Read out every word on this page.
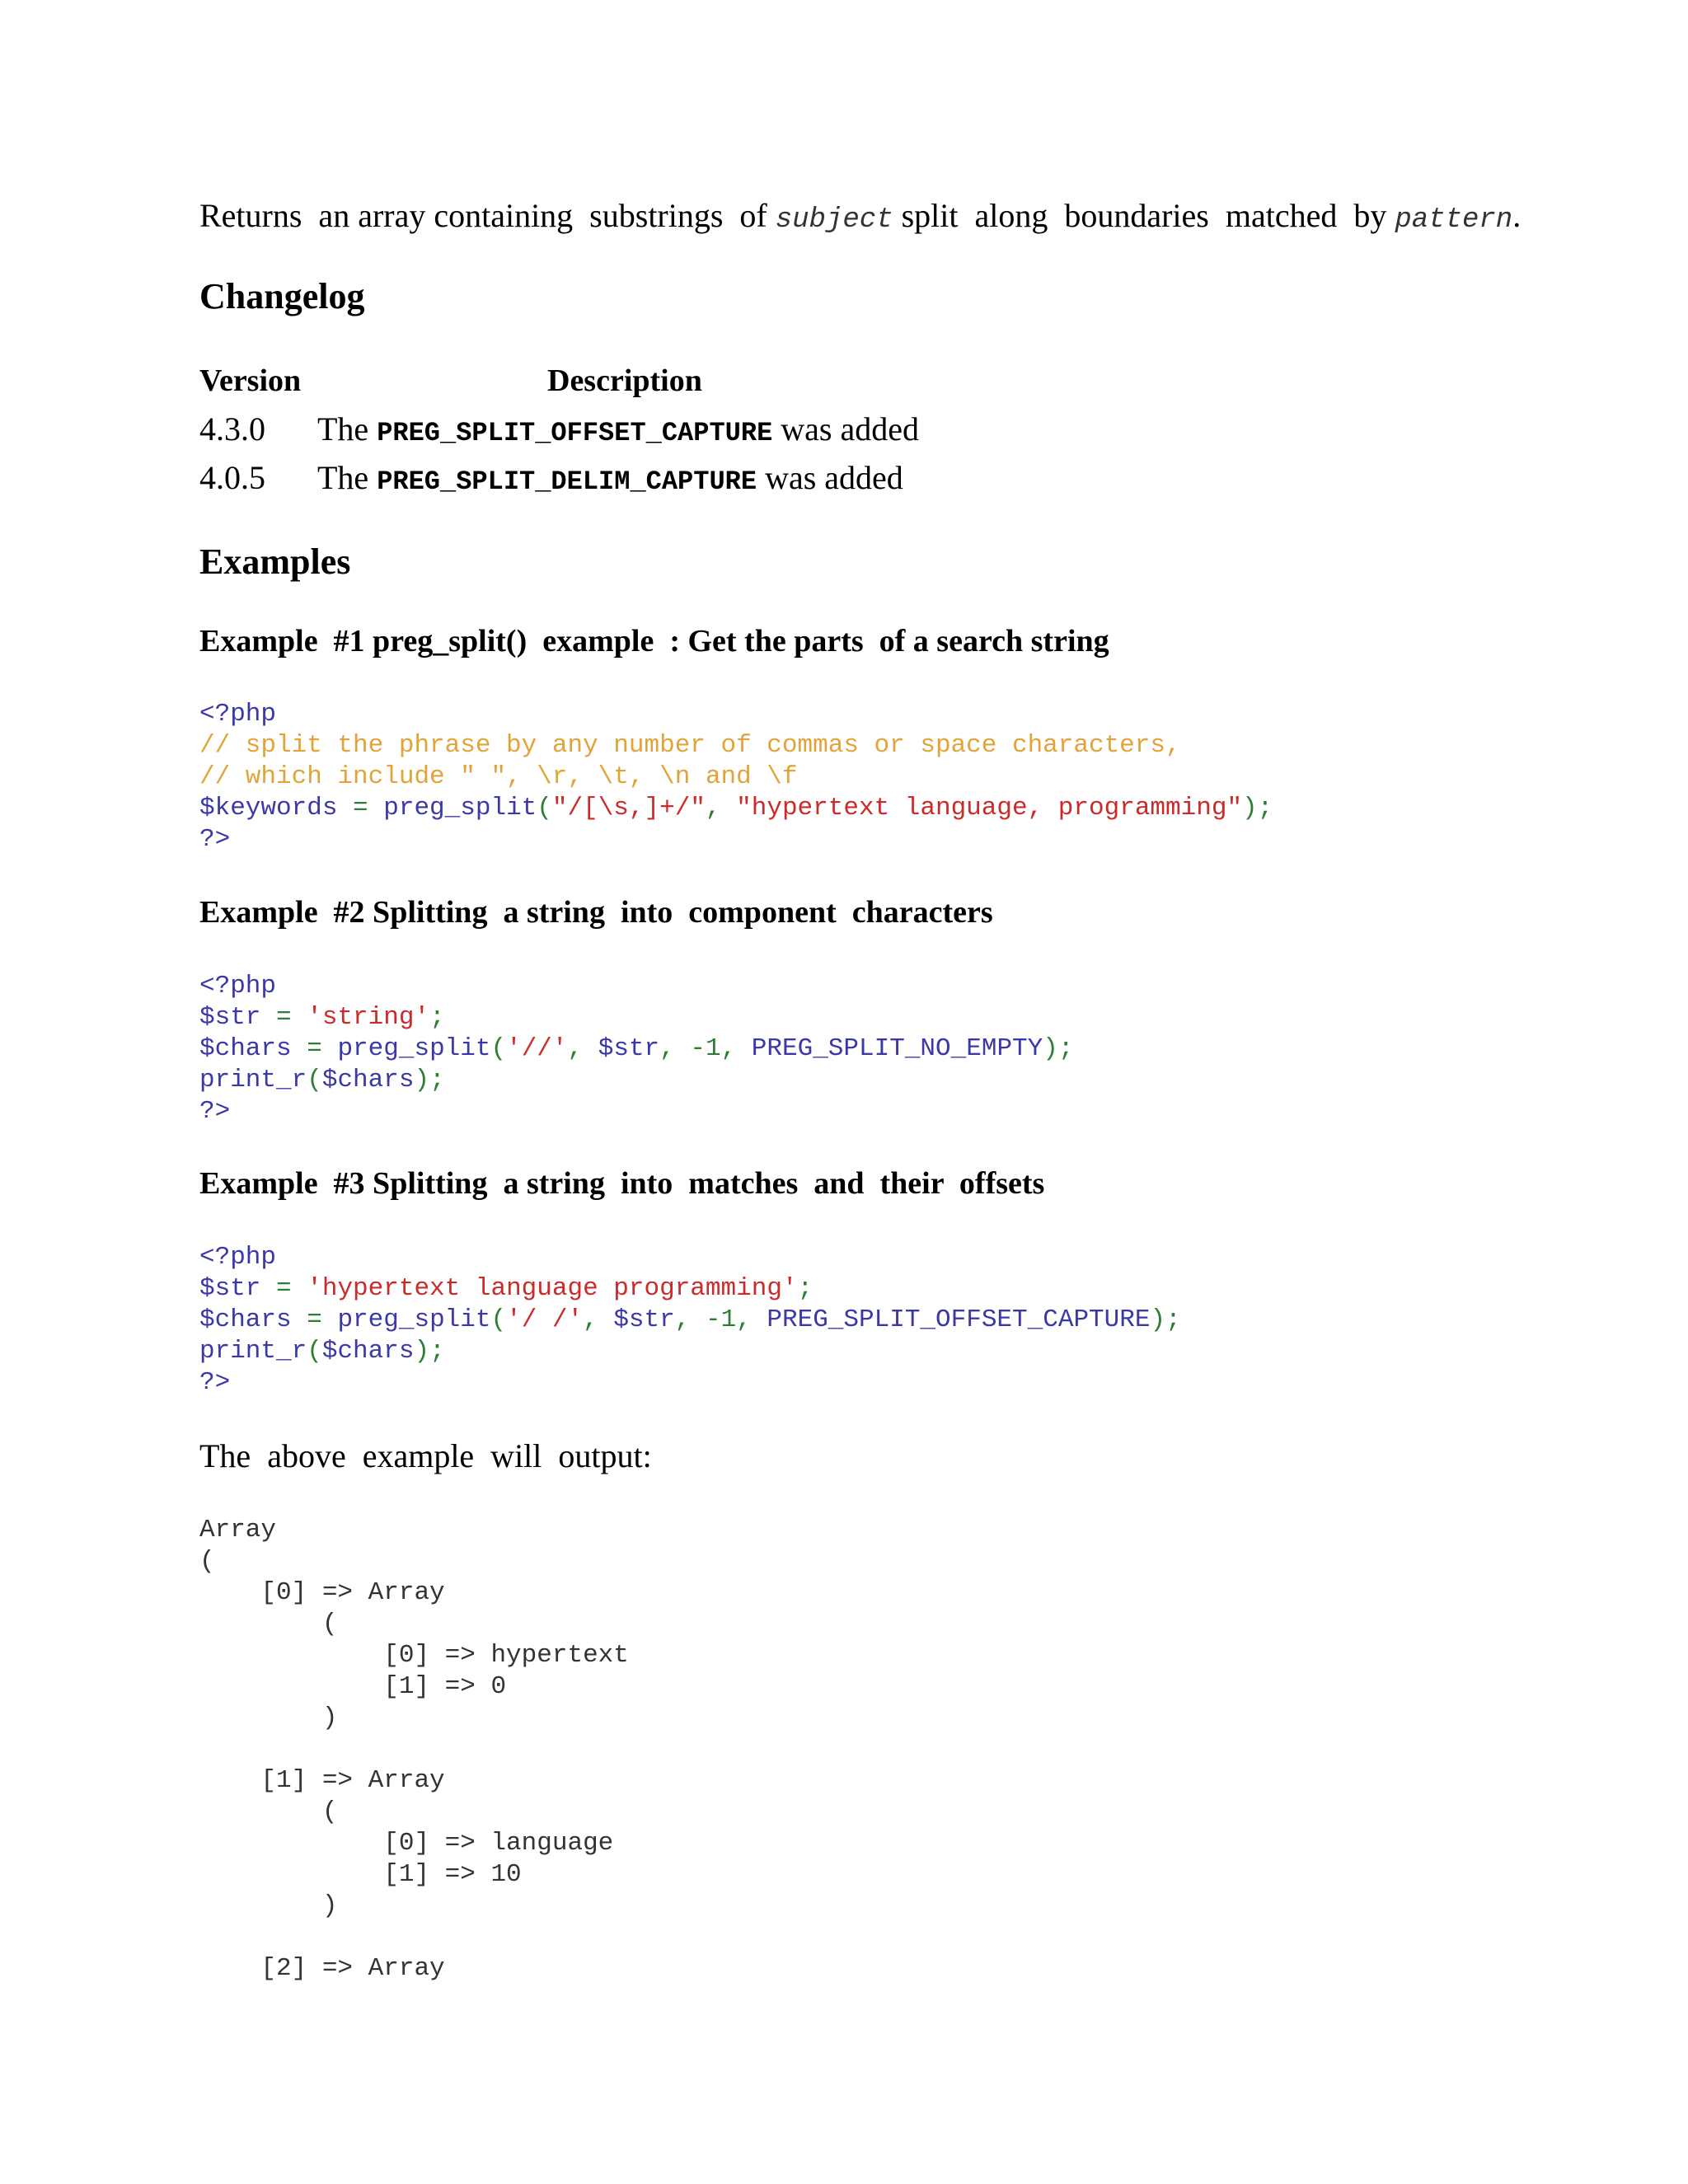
Returns  an array containing  substrings  of subject split  along  boundaries  matched  by pattern.
Changelog
Version	Description
4.3.0 The PREG_SPLIT_OFFSET_CAPTURE was added
4.0.5 The PREG_SPLIT_DELIM_CAPTURE was added
Examples
Example  #1 preg_split()  example  : Get the parts  of a search string
<?php
// split the phrase by any number of commas or space characters,
// which include " ", \r, \t, \n and \f
$keywords = preg_split("/[\s,]+/", "hypertext language, programming");
?>
Example  #2 Splitting  a string  into  component  characters
<?php
$str = 'string';
$chars = preg_split('//', $str, -1, PREG_SPLIT_NO_EMPTY);
print_r($chars);
?>
Example  #3 Splitting  a string  into  matches  and  their  offsets
<?php
$str = 'hypertext language programming';
$chars = preg_split('/ /', $str, -1, PREG_SPLIT_OFFSET_CAPTURE);
print_r($chars);
?>
The  above  example  will  output:
Array
(
[0] => Array
(
[0] => hypertext
[1] => 0
)

[1] => Array
(
[0] => language
[1] => 10
)

[2] => Array
